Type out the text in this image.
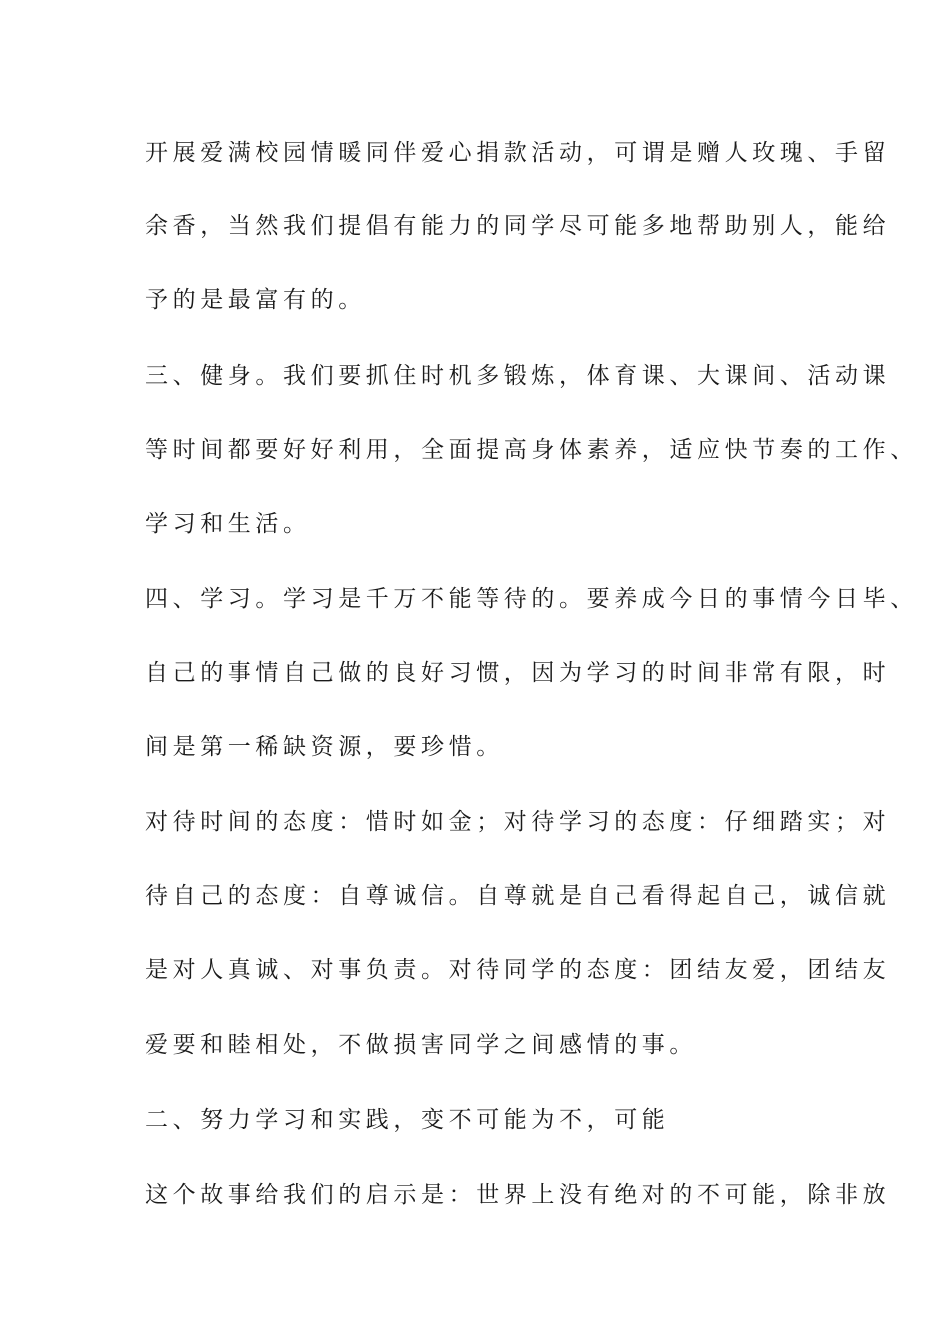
开展爱满校园情暖同伴爱心捐款活动，可谓是赠人玫瑰、手留
余香，当然我们提倡有能力的同学尽可能多地帮助别人，能给
予的是最富有的。
三、健身。我们要抓住时机多锻炼，体育课、大课间、活动课
等时间都要好好利用，全面提高身体素养，适应快节奏的工作、
学习和生活。
四、学习。学习是千万不能等待的。要养成今日的事情今日毕、
自己的事情自己做的良好习惯，因为学习的时间非常有限，时
间是第一稀缺资源，要珍惜。
对待时间的态度：惜时如金；对待学习的态度：仔细踏实；对
待自己的态度：自尊诚信。自尊就是自己看得起自己，诚信就
是对人真诚、对事负责。对待同学的态度：团结友爱，团结友
爱要和睦相处，不做损害同学之间感情的事。
二、努力学习和实践，变不可能为不，可能
这个故事给我们的启示是：世界上没有绝对的不可能，除非放
